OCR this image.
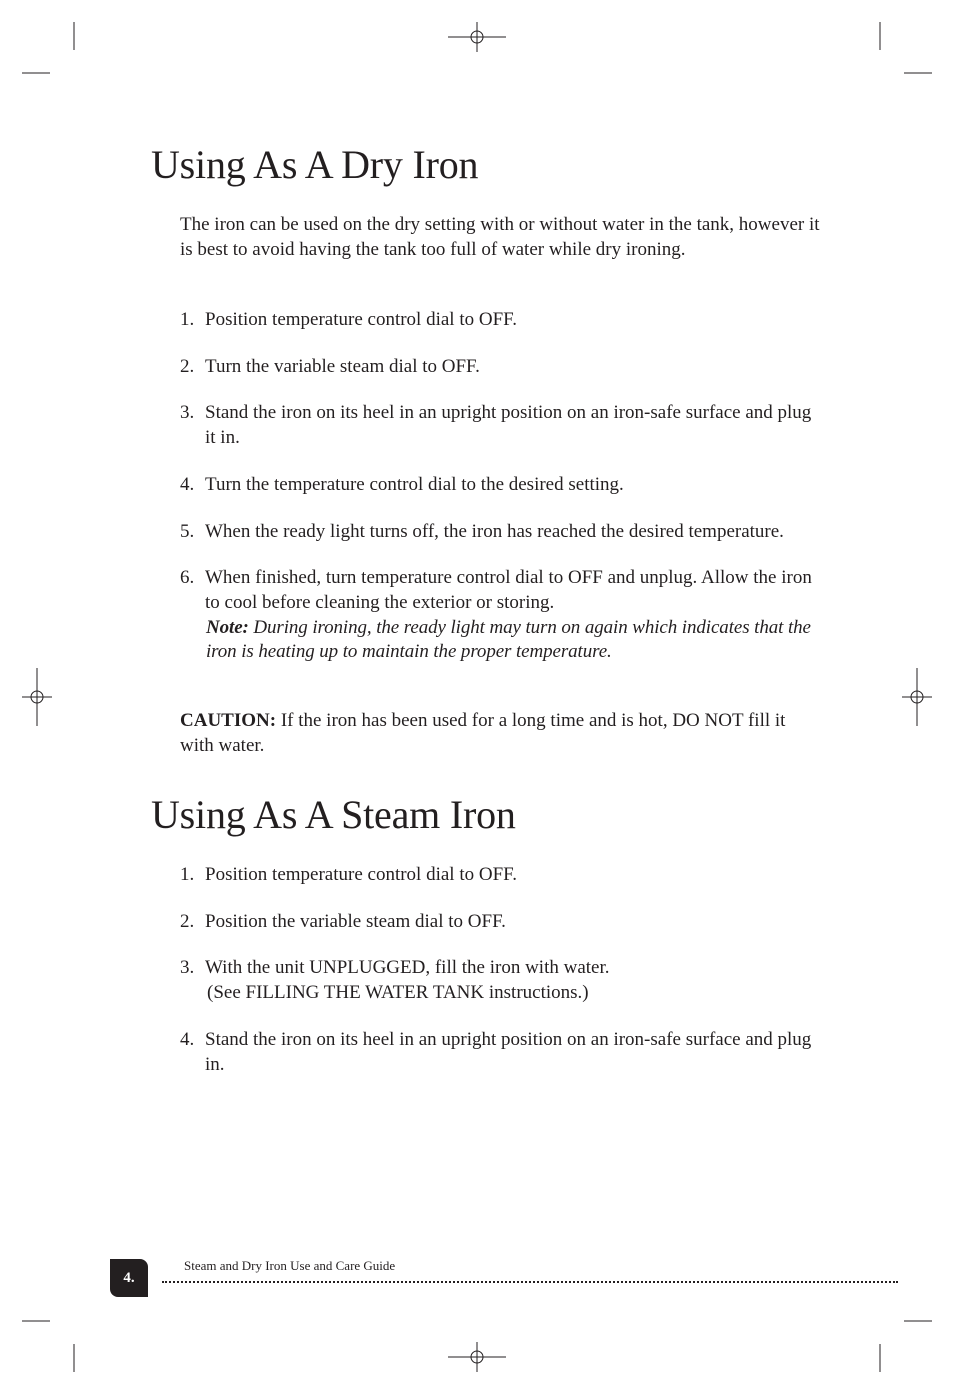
Using As A Dry Iron

The iron can be used on the dry setting with or without water in the tank, however it is best to avoid having the tank too full of water while dry ironing.

1. Position temperature control dial to OFF.
2. Turn the variable steam dial to OFF.
3. Stand the iron on its heel in an upright position on an iron-safe surface and plug it in.
4. Turn the temperature control dial to the desired setting.
5. When the ready light turns off, the iron has reached the desired temperature.
6. When finished, turn temperature control dial to OFF and unplug. Allow the iron to cool before cleaning the exterior or storing.
Note: During ironing, the ready light may turn on again which indicates that the iron is heating up to maintain the proper temperature.

CAUTION: If the iron has been used for a long time and is hot, DO NOT fill it with water.

Using As A Steam Iron
1. Position temperature control dial to OFF.
2. Position the variable steam dial to OFF.
3. With the unit UNPLUGGED, fill the iron with water.
(See FILLING THE WATER TANK instructions.)
4. Stand the iron on its heel in an upright position on an iron-safe surface and plug in.
4.
Steam and Dry Iron Use and Care Guide
